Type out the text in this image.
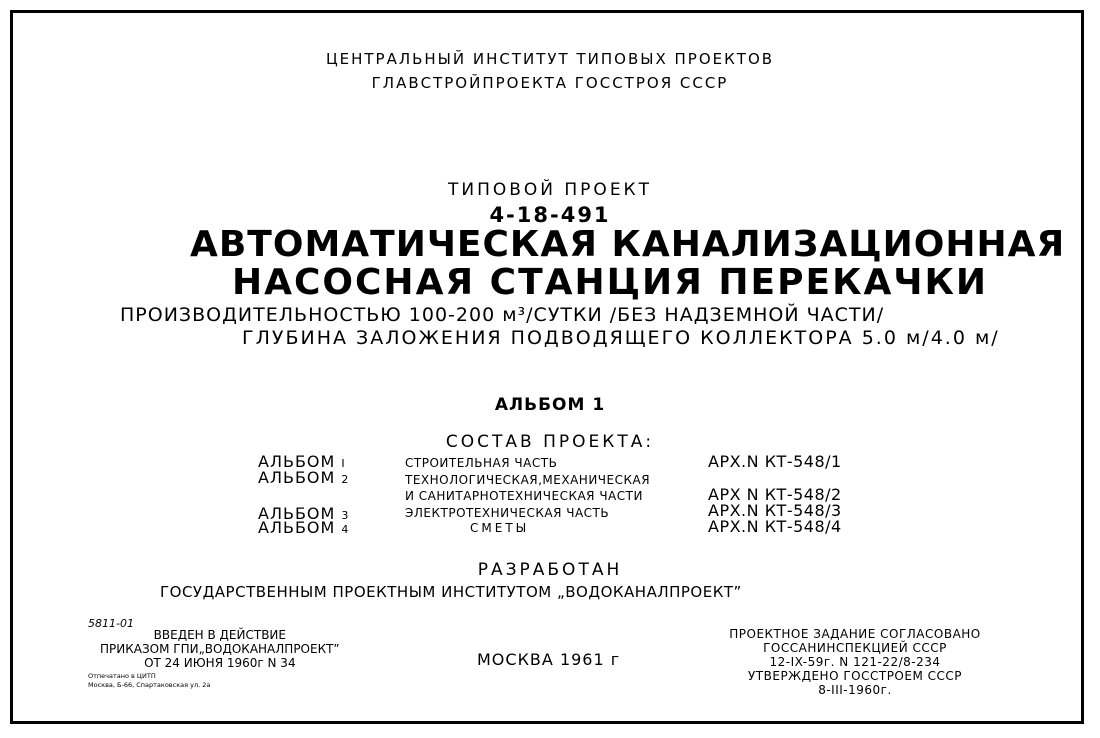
ЦЕНТРАЛЬНЫЙ ИНСТИТУТ ТИПОВЫХ ПРОЕКТОВ
ГЛАВСТРОЙПРОЕКТА ГОССТРОЯ СССР
ТИПОВОЙ ПРОЕКТ
4-18-491
АВТОМАТИЧЕСКАЯ КАНАЛИЗАЦИОННАЯ
НАСОСНАЯ СТАНЦИЯ ПЕРЕКАЧКИ
ПРОИЗВОДИТЕЛЬНОСТЬЮ 100-200 м³/СУТКИ /БЕЗ НАДЗЕМНОЙ ЧАСТИ/
ГЛУБИНА ЗАЛОЖЕНИЯ ПОДВОДЯЩЕГО КОЛЛЕКТОРА 5.0 м/4.0 м/
АЛЬБОМ 1
СОСТАВ ПРОЕКТА:
АЛЬБОМ I	СТРОИТЕЛЬНАЯ ЧАСТЬ	АРХ.N КТ-548/1
АЛЬБОМ 2	ТЕХНОЛОГИЧЕСКАЯ,МЕХАНИЧЕСКАЯ
И САНИТАРНОТЕХНИЧЕСКАЯ ЧАСТИ	АРХ N КТ-548/2
АЛЬБОМ 3	ЭЛЕКТРОТЕХНИЧЕСКАЯ ЧАСТЬ	АРХ.N КТ-548/3
АЛЬБОМ 4	СМЕТЫ	АРХ.N КТ-548/4
РАЗРАБОТАН
ГОСУДАРСТВЕННЫМ ПРОЕКТНЫМ ИНСТИТУТОМ „ВОДОКАНАЛПРОЕКТ”
5811-01
ВВЕДЕН В ДЕЙСТВИЕ
ПРИКАЗОМ ГПИ„ВОДОКАНАЛПРОЕКТ”
ОТ 24 ИЮНЯ 1960г N 34
Отпечатано в ЦИТП
Москва, Б-66, Спартаковская ул. 2а
МОСКВА 1961 г
ПРОЕКТНОЕ ЗАДАНИЕ СОГЛАСОВАНО
ГОССАНИНСПЕКЦИЕЙ СССР
12-IX-59г. N 121-22/8-234
УТВЕРЖДЕНО ГОССТРОЕМ СССР
8-III-1960г.
